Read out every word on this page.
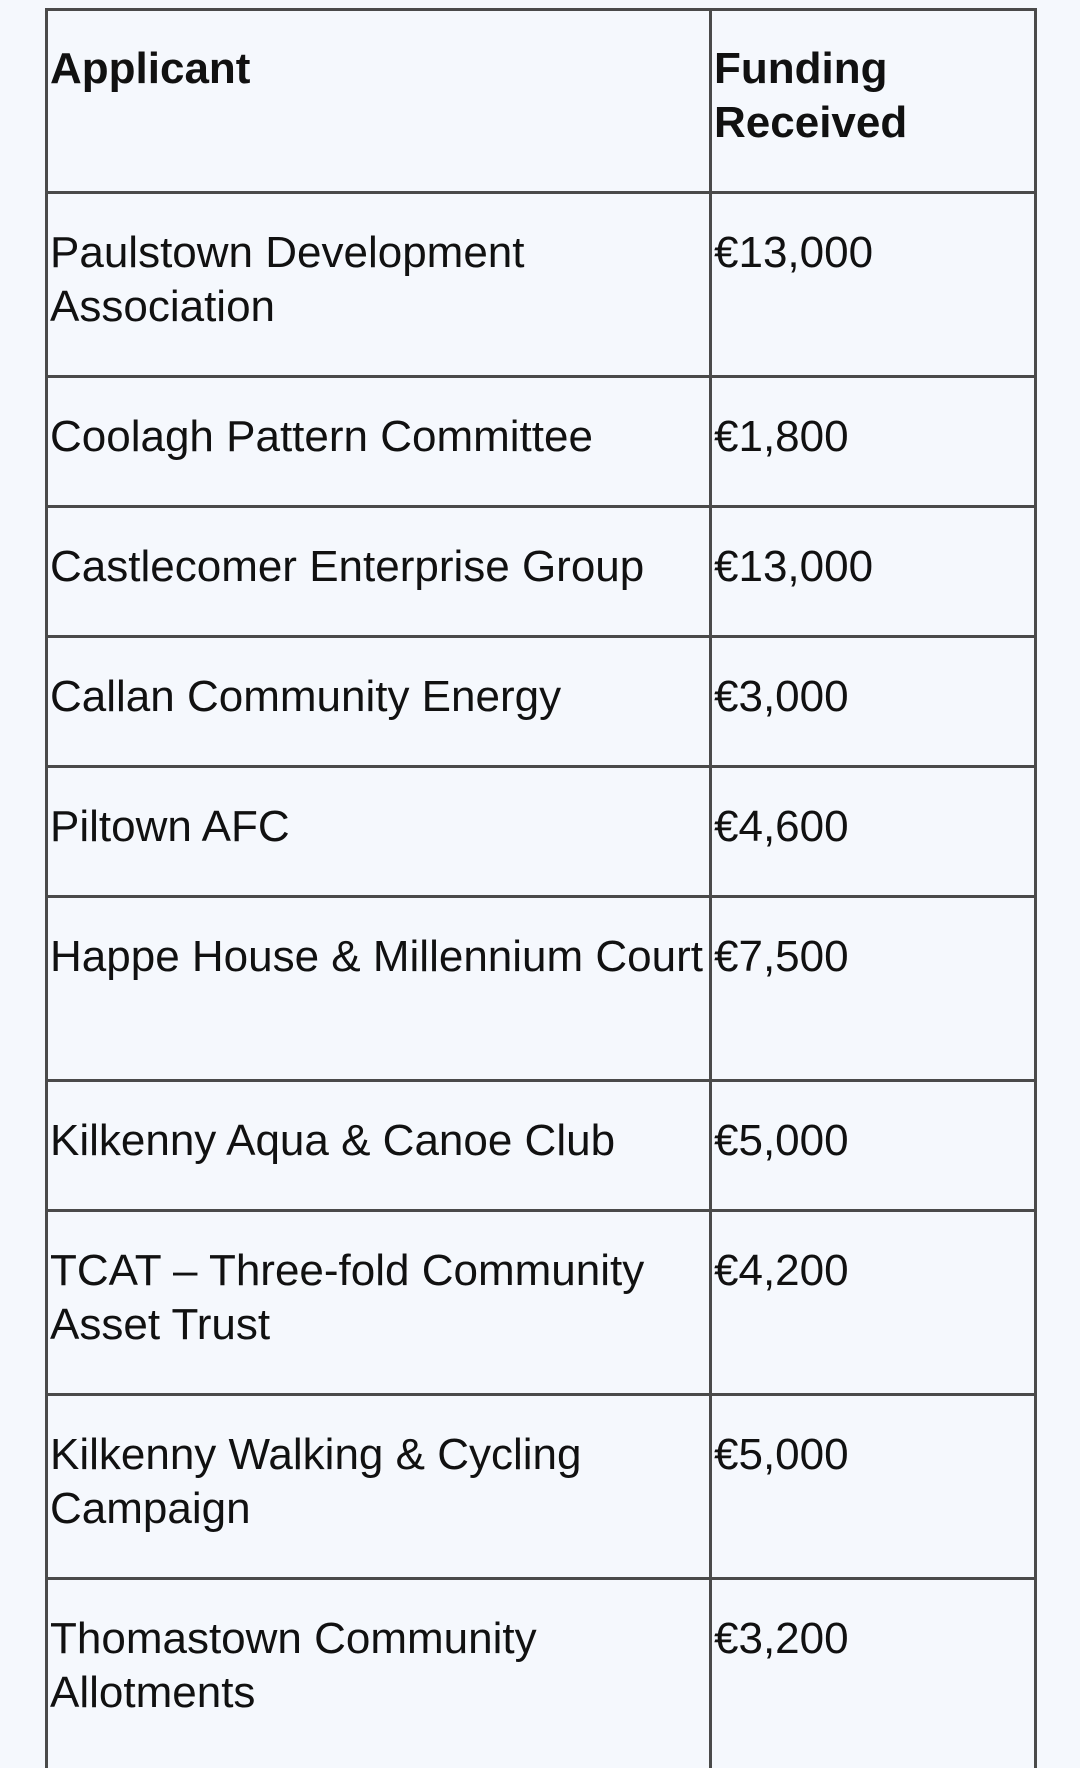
Applicant	Funding Received
Paulstown Development Association	€13,000
Coolagh Pattern Committee	€1,800
Castlecomer Enterprise Group	€13,000
Callan Community Energy	€3,000
Piltown AFC	€4,600
Happe House & Millennium Court	€7,500
Kilkenny Aqua & Canoe Club	€5,000
TCAT – Three-fold Community Asset Trust	€4,200
Kilkenny Walking & Cycling Campaign	€5,000
Thomastown Community Allotments	€3,200
